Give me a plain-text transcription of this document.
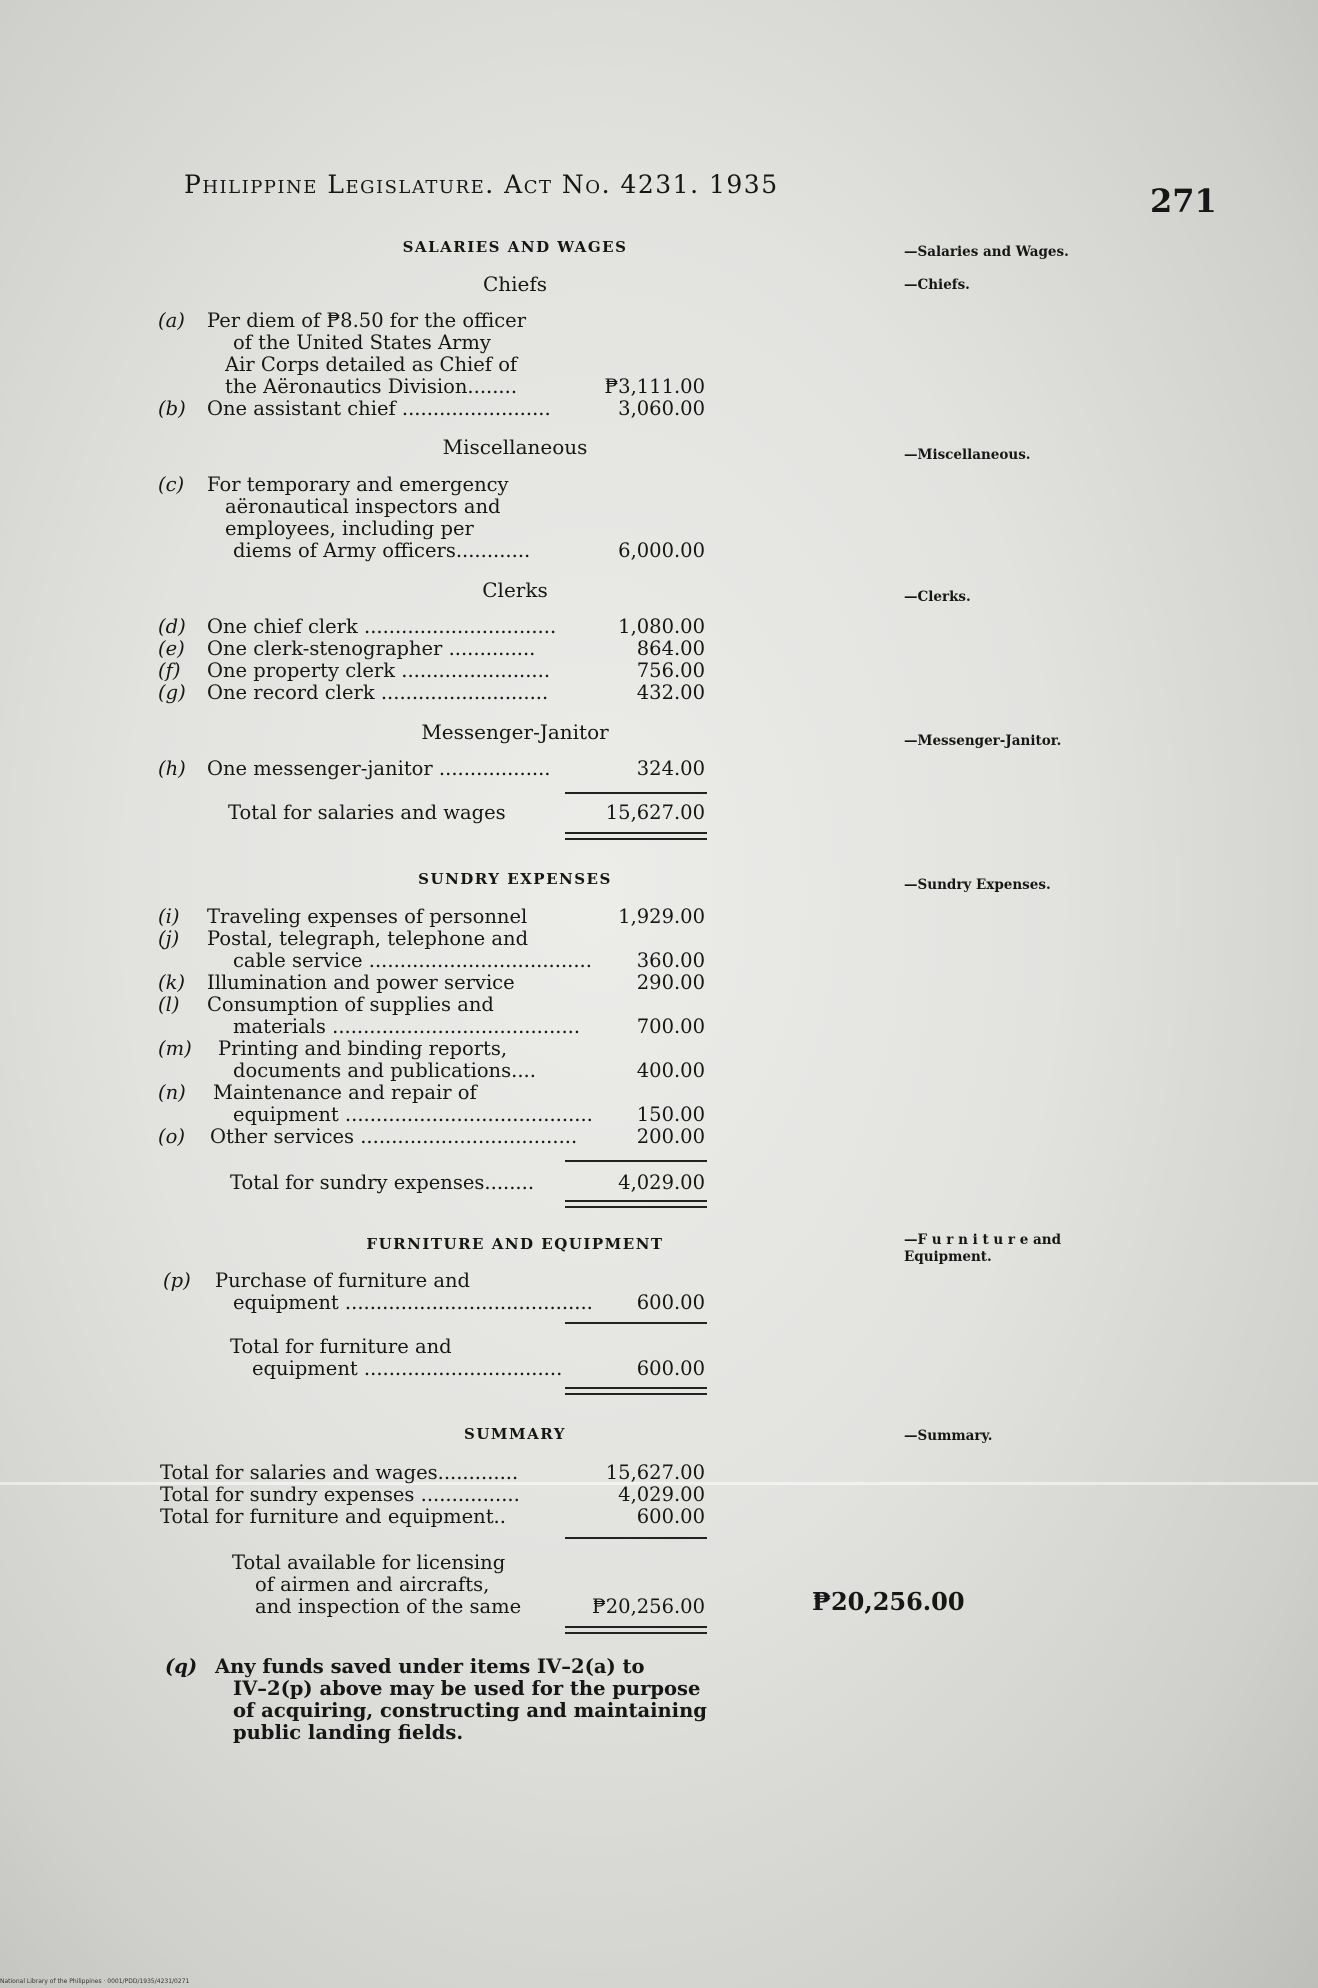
Philippine Legislature. Act No. 4231. 1935	271
SALARIES AND WAGES	—Salaries and Wages.
Chiefs	—Chiefs.
(a) Per diem of ₱8.50 for the officer
of the United States Army
Air Corps detailed as Chief of
the Aëronautics Division........	₱3,111.00
(b) One assistant chief ........................	3,060.00
Miscellaneous	—Miscellaneous.
(c) For temporary and emergency
aëronautical inspectors and
employees, including per
diems of Army officers............	6,000.00
Clerks	—Clerks.
(d) One chief clerk ...............................	1,080.00
(e) One clerk-stenographer ..............	864.00
(f) One property clerk ........................	756.00
(g) One record clerk ...........................	432.00
Messenger-Janitor	—Messenger-Janitor.
(h) One messenger-janitor ..................	324.00
Total for salaries and wages	15,627.00
SUNDRY EXPENSES	—Sundry Expenses.
(i) Traveling expenses of personnel	1,929.00
(j) Postal, telegraph, telephone and
cable service ....................................	360.00
(k) Illumination and power service	290.00
(l) Consumption of supplies and
materials ........................................	700.00
(m) Printing and binding reports,
documents and publications....	400.00
(n) Maintenance and repair of
equipment ........................................	150.00
(o) Other services ...................................	200.00
Total for sundry expenses........	4,029.00
FURNITURE AND EQUIPMENT	—F u r n i t u r e and
Equipment.
(p) Purchase of furniture and
equipment ........................................	600.00
Total for furniture and
equipment ................................	600.00
SUMMARY	—Summary.
Total for salaries and wages.............	15,627.00
Total for sundry expenses ................	4,029.00
Total for furniture and equipment..	600.00
Total available for licensing
of airmen and aircrafts,
and inspection of the same	₱20,256.00	₱20,256.00
(q) Any funds saved under items IV–2(a) to
IV–2(p) above may be used for the purpose
of acquiring, constructing and maintaining
public landing fields.
National Library of the Philippines · 0001/PDD/1935/4231/0271
